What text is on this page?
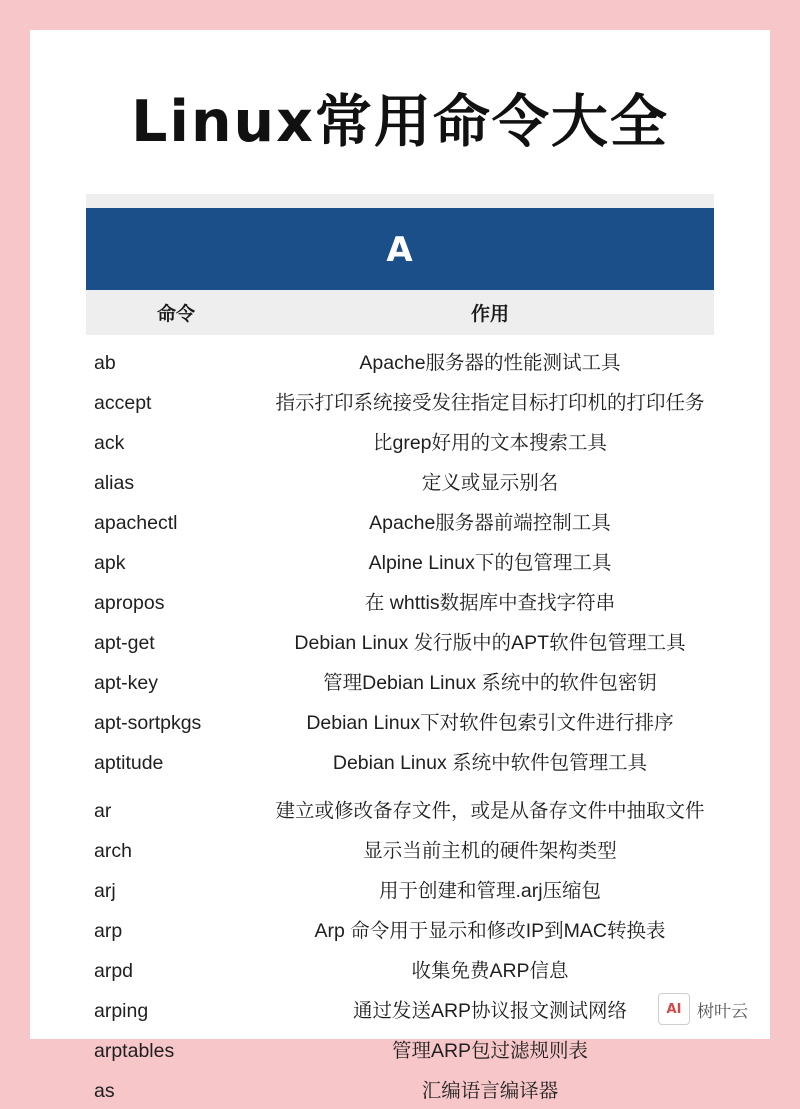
Linux常用命令大全
A
命令	作用
ab	Apache服务器的性能测试工具
accept	指示打印系统接受发往指定目标打印机的打印任务
ack	比grep好用的文本搜索工具
alias	定义或显示别名
apachectl	Apache服务器前端控制工具
apk	Alpine Linux下的包管理工具
apropos	在 whttis数据库中查找字符串
apt-get	Debian Linux 发行版中的APT软件包管理工具
apt-key	管理Debian Linux 系统中的软件包密钥
apt-sortpkgs	Debian Linux下对软件包索引文件进行排序
aptitude	Debian Linux 系统中软件包管理工具
ar	建立或修改备存文件，或是从备存文件中抽取文件
arch	显示当前主机的硬件架构类型
arj	用于创建和管理.arj压缩包
arp	Arp 命令用于显示和修改IP到MAC转换表
arpd	收集免费ARP信息
arping	通过发送ARP协议报文测试网络
arptables	管理ARP包过滤规则表
as	汇编语言编译器
AI 树叶云
